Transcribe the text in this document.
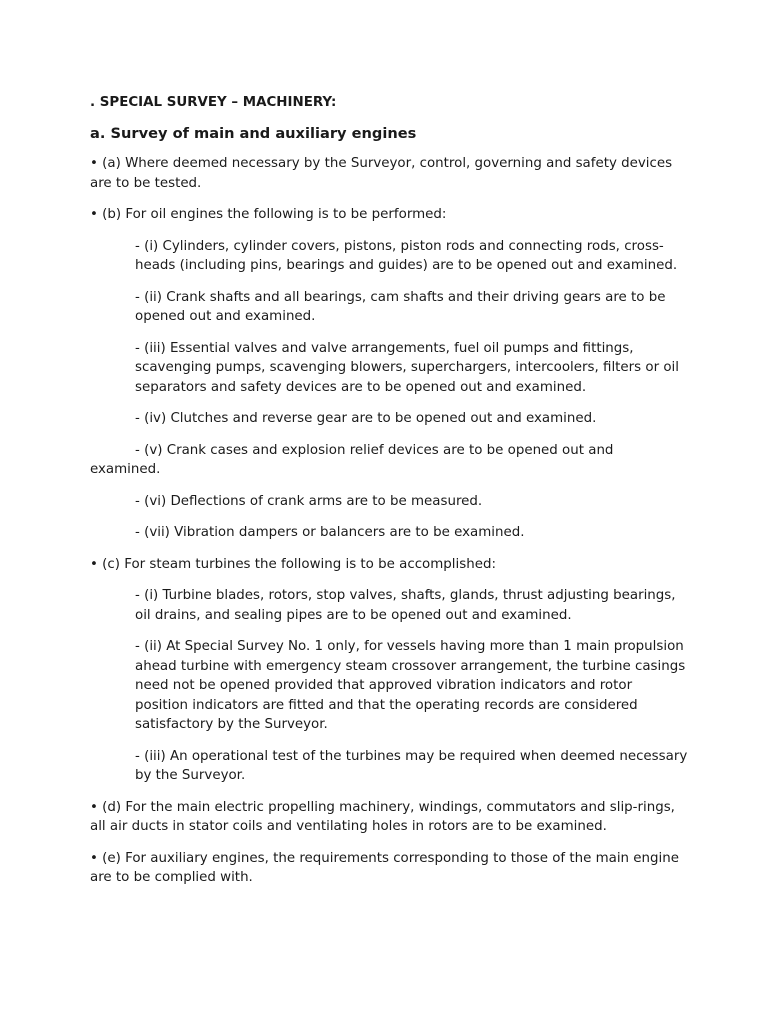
. SPECIAL SURVEY – MACHINERY:
a. Survey of main and auxiliary engines

• (a) Where deemed necessary by the Surveyor, control, governing and safety devices are to be tested.

• (b) For oil engines the following is to be performed:

- (i) Cylinders, cylinder covers, pistons, piston rods and connecting rods, cross-heads (including pins, bearings and guides) are to be opened out and examined.

- (ii) Crank shafts and all bearings, cam shafts and their driving gears are to be opened out and examined.

- (iii) Essential valves and valve arrangements, fuel oil pumps and fittings, scavenging pumps, scavenging blowers, superchargers, intercoolers, filters or oil separators and safety devices are to be opened out and examined.

- (iv) Clutches and reverse gear are to be opened out and examined.

- (v) Crank cases and explosion relief devices are to be opened out and examined.

- (vi) Deflections of crank arms are to be measured.

- (vii) Vibration dampers or balancers are to be examined.

• (c) For steam turbines the following is to be accomplished:

- (i) Turbine blades, rotors, stop valves, shafts, glands, thrust adjusting bearings, oil drains, and sealing pipes are to be opened out and examined.

- (ii) At Special Survey No. 1 only, for vessels having more than 1 main propulsion ahead turbine with emergency steam crossover arrangement, the turbine casings need not be opened provided that approved vibration indicators and rotor position indicators are fitted and that the operating records are considered satisfactory by the Surveyor.

- (iii) An operational test of the turbines may be required when deemed necessary by the Surveyor.

• (d) For the main electric propelling machinery, windings, commutators and slip-rings, all air ducts in stator coils and ventilating holes in rotors are to be examined.

• (e) For auxiliary engines, the requirements corresponding to those of the main engine are to be complied with.
